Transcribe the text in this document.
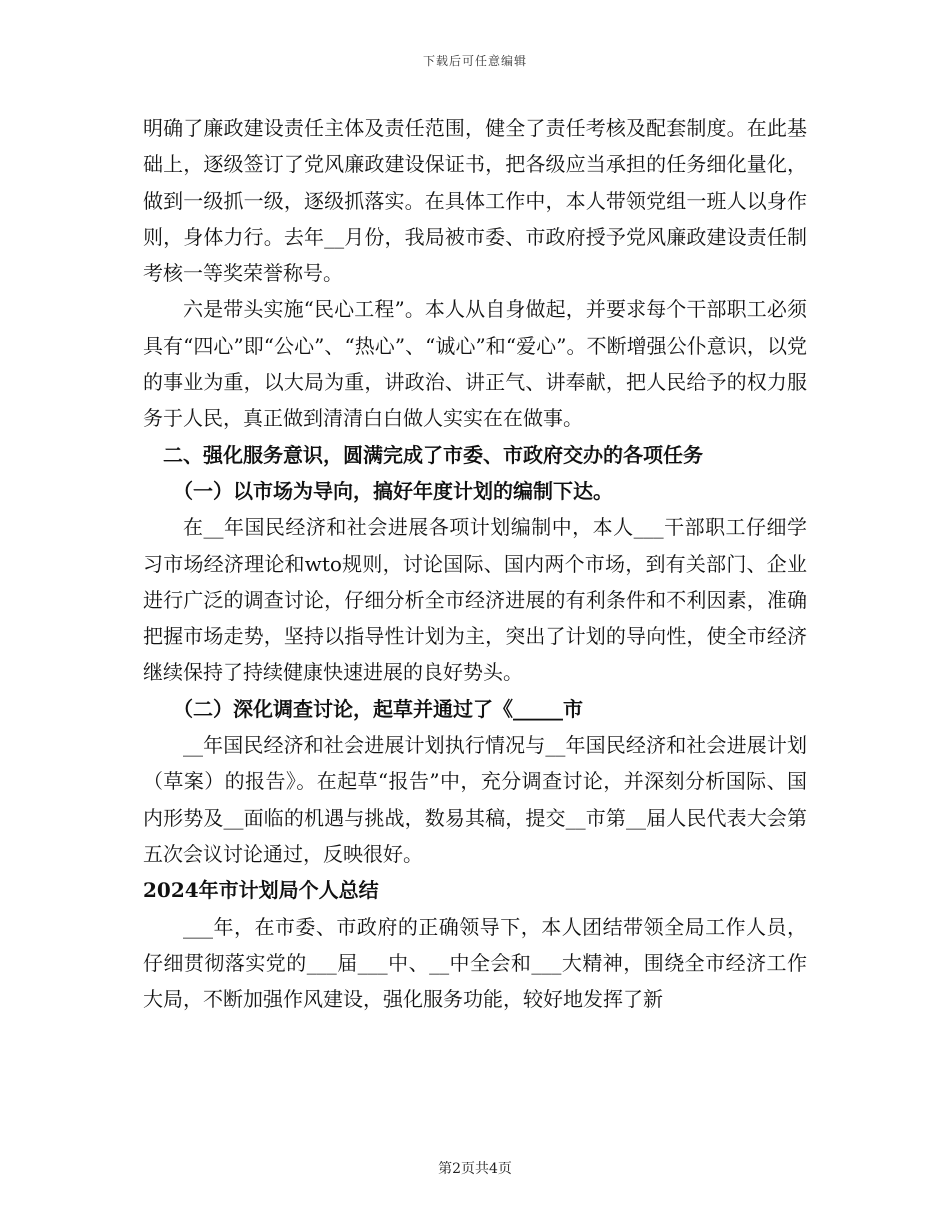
下载后可任意编辑

明确了廉政建设责任主体及责任范围，健全了责任考核及配套制度。在此基础上，逐级签订了党风廉政建设保证书，把各级应当承担的任务细化量化，做到一级抓一级，逐级抓落实。在具体工作中，本人带领党组一班人以身作则，身体力行。去年__月份，我局被市委、市政府授予党风廉政建设责任制考核一等奖荣誉称号。

六是带头实施“民心工程”。本人从自身做起，并要求每个干部职工必须具有“四心”即“公心”、“热心”、“诚心”和“爱心”。不断增强公仆意识，以党的事业为重，以大局为重，讲政治、讲正气、讲奉献，把人民给予的权力服务于人民，真正做到清清白白做人实实在在做事。

二、强化服务意识，圆满完成了市委、市政府交办的各项任务

（一）以市场为导向，搞好年度计划的编制下达。

在__年国民经济和社会进展各项计划编制中，本人___干部职工仔细学习市场经济理论和wto规则，讨论国际、国内两个市场，到有关部门、企业进行广泛的调查讨论，仔细分析全市经济进展的有利条件和不利因素，准确把握市场走势，坚持以指导性计划为主，突出了计划的导向性，使全市经济继续保持了持续健康快速进展的良好势头。

（二）深化调查讨论，起草并通过了《_____市

__年国民经济和社会进展计划执行情况与__年国民经济和社会进展计划（草案）的报告》。在起草“报告”中，充分调查讨论，并深刻分析国际、国内形势及__面临的机遇与挑战，数易其稿，提交__市第__届人民代表大会第五次会议讨论通过，反映很好。

2024年市计划局个人总结

___年，在市委、市政府的正确领导下，本人团结带领全局工作人员，仔细贯彻落实党的___届___中、__中全会和___大精神，围绕全市经济工作大局，不断加强作风建设，强化服务功能，较好地发挥了新

第2页共4页
